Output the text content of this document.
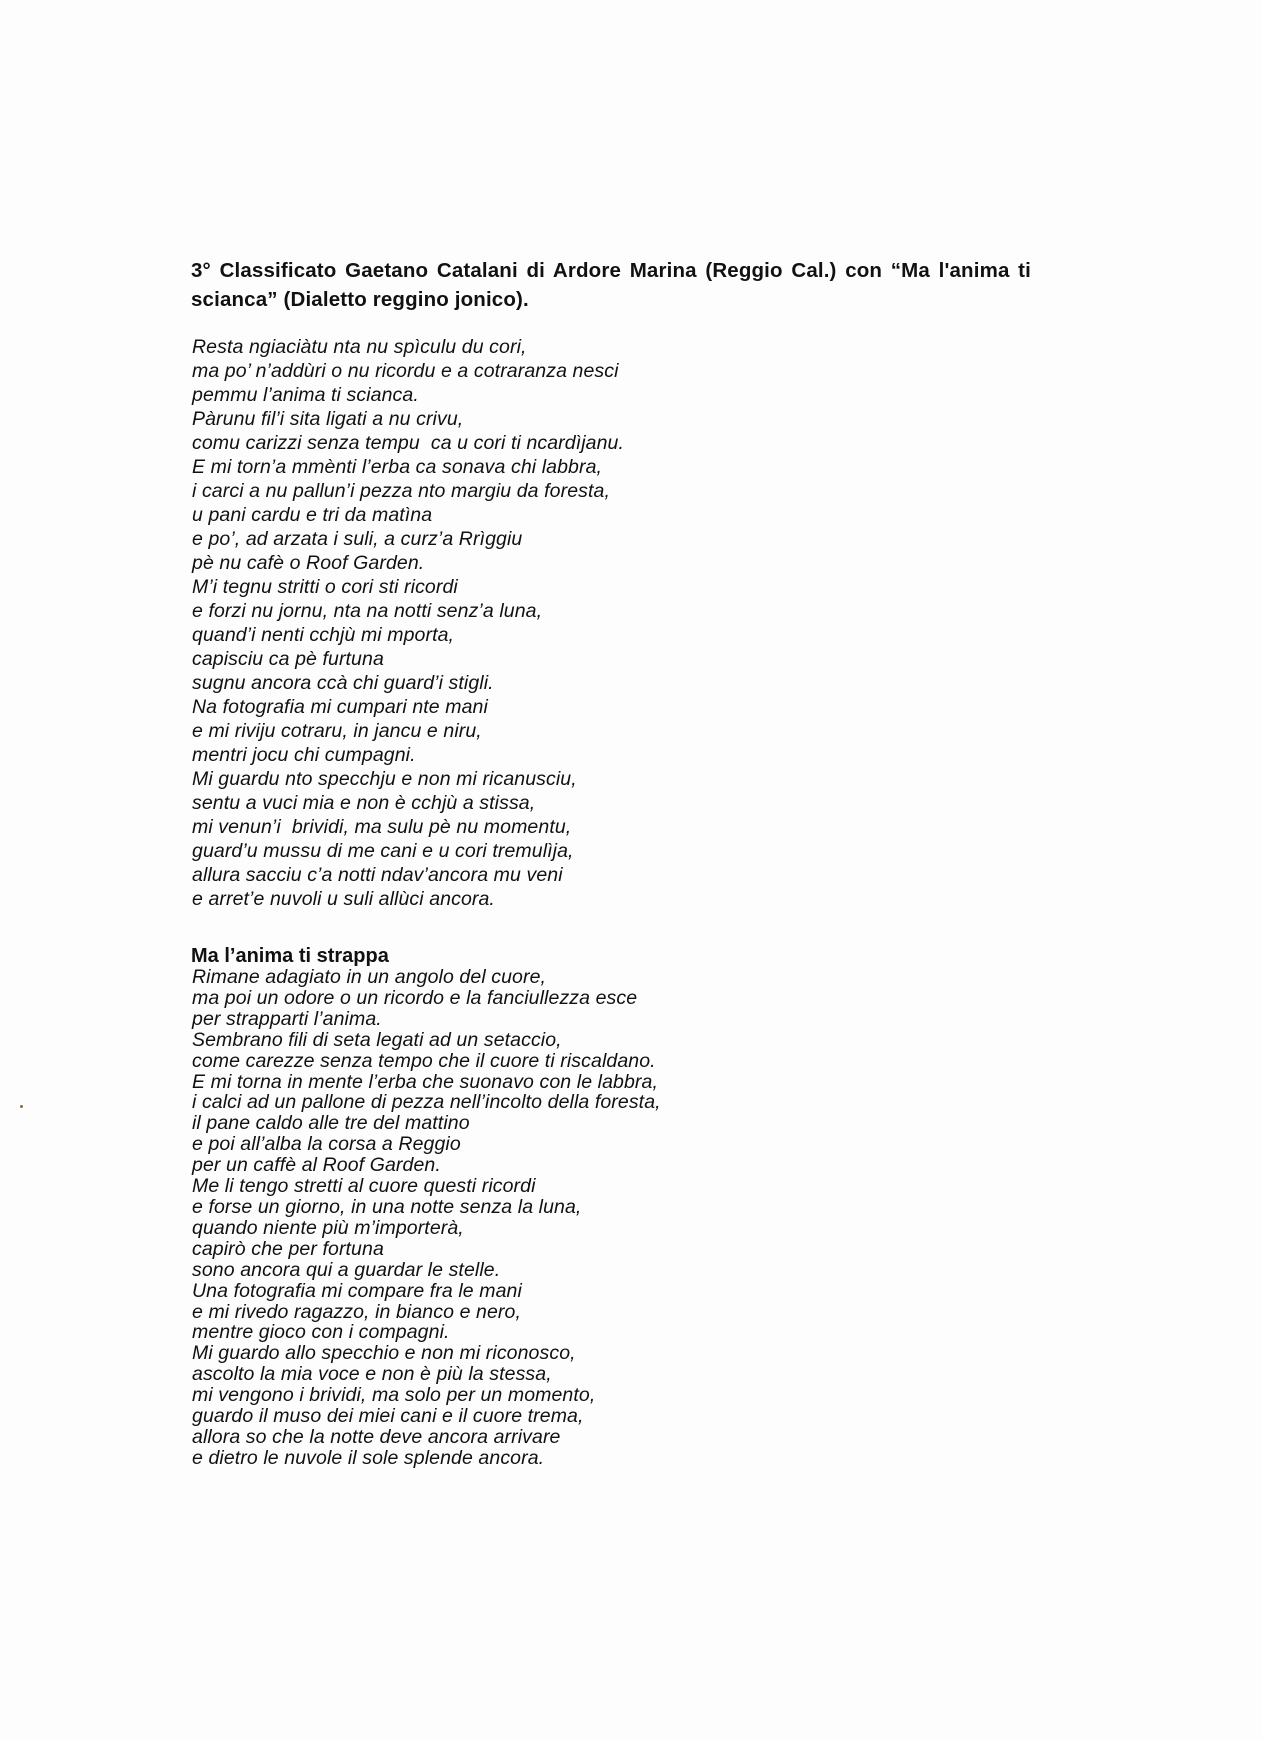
3° Classificato Gaetano Catalani di Ardore Marina (Reggio Cal.) con “Ma l'anima ti scianca” (Dialetto reggino jonico).
Resta ngiaciàtu nta nu spìculu du cori,
ma po’ n’addùri o nu ricordu e a cotraranza nesci
pemmu l’anima ti scianca.
Pàrunu fil’i sita ligati a nu crivu,
comu carizzi senza tempu  ca u cori ti ncardìjanu.
E mi torn’a mmènti l’erba ca sonava chi labbra,
i carci a nu pallun’i pezza nto margiu da foresta,
u pani cardu e tri da matìna
e po’, ad arzata i suli, a curz’a Rrìggiu
pè nu cafè o Roof Garden.
M’i tegnu stritti o cori sti ricordi
e forzi nu jornu, nta na notti senz’a luna,
quand’i nenti cchjù mi mporta,
capisciu ca pè furtuna
sugnu ancora ccà chi guard’i stigli.
Na fotografia mi cumpari nte mani
e mi riviju cotraru, in jancu e niru,
mentri jocu chi cumpagni.
Mi guardu nto specchju e non mi ricanusciu,
sentu a vuci mia e non è cchjù a stissa,
mi venun’i  brividi, ma sulu pè nu momentu,
guard’u mussu di me cani e u cori tremulìja,
allura sacciu c’a notti ndav’ancora mu veni
e arret’e nuvoli u suli allùci ancora.
Ma l’anima ti strappa
Rimane adagiato in un angolo del cuore,
ma poi un odore o un ricordo e la fanciullezza esce
per strapparti l’anima.
Sembrano fili di seta legati ad un setaccio,
come carezze senza tempo che il cuore ti riscaldano.
E mi torna in mente l’erba che suonavo con le labbra,
i calci ad un pallone di pezza nell’incolto della foresta,
il pane caldo alle tre del mattino
e poi all’alba la corsa a Reggio
per un caffè al Roof Garden.
Me li tengo stretti al cuore questi ricordi
e forse un giorno, in una notte senza la luna,
quando niente più m’importerà,
capirò che per fortuna
sono ancora qui a guardar le stelle.
Una fotografia mi compare fra le mani
e mi rivedo ragazzo, in bianco e nero,
mentre gioco con i compagni.
Mi guardo allo specchio e non mi riconosco,
ascolto la mia voce e non è più la stessa,
mi vengono i brividi, ma solo per un momento,
guardo il muso dei miei cani e il cuore trema,
allora so che la notte deve ancora arrivare
e dietro le nuvole il sole splende ancora.
